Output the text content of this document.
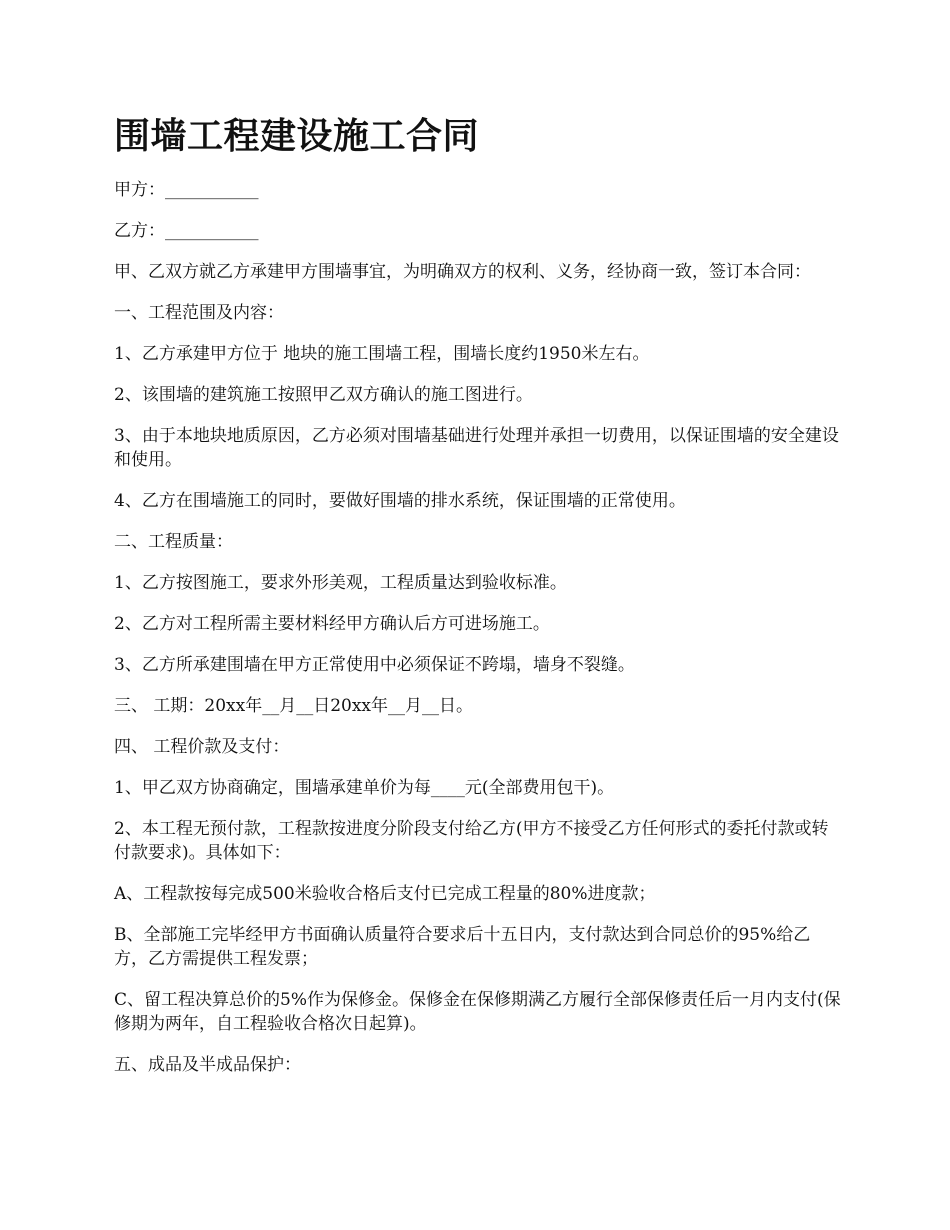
围墙工程建设施工合同

甲方：___________

乙方：___________

甲、乙双方就乙方承建甲方围墙事宜，为明确双方的权利、义务，经协商一致，签订本合同：

一、工程范围及内容：

1、乙方承建甲方位于 地块的施工围墙工程，围墙长度约1950米左右。

2、该围墙的建筑施工按照甲乙双方确认的施工图进行。

3、由于本地块地质原因，乙方必须对围墙基础进行处理并承担一切费用，以保证围墙的安全建设和使用。

4、乙方在围墙施工的同时，要做好围墙的排水系统，保证围墙的正常使用。

二、工程质量：

1、乙方按图施工，要求外形美观，工程质量达到验收标准。

2、乙方对工程所需主要材料经甲方确认后方可进场施工。

3、乙方所承建围墙在甲方正常使用中必须保证不跨塌，墙身不裂缝。

三、 工期：20xx年__月__日20xx年__月__日。

四、 工程价款及支付：

1、甲乙双方协商确定，围墙承建单价为每____元(全部费用包干)。

2、本工程无预付款，工程款按进度分阶段支付给乙方(甲方不接受乙方任何形式的委托付款或转付款要求)。具体如下：

A、工程款按每完成500米验收合格后支付已完成工程量的80%进度款；

B、全部施工完毕经甲方书面确认质量符合要求后十五日内，支付款达到合同总价的95%给乙方，乙方需提供工程发票；

C、留工程决算总价的5%作为保修金。保修金在保修期满乙方履行全部保修责任后一月内支付(保修期为两年，自工程验收合格次日起算)。

五、成品及半成品保护：
